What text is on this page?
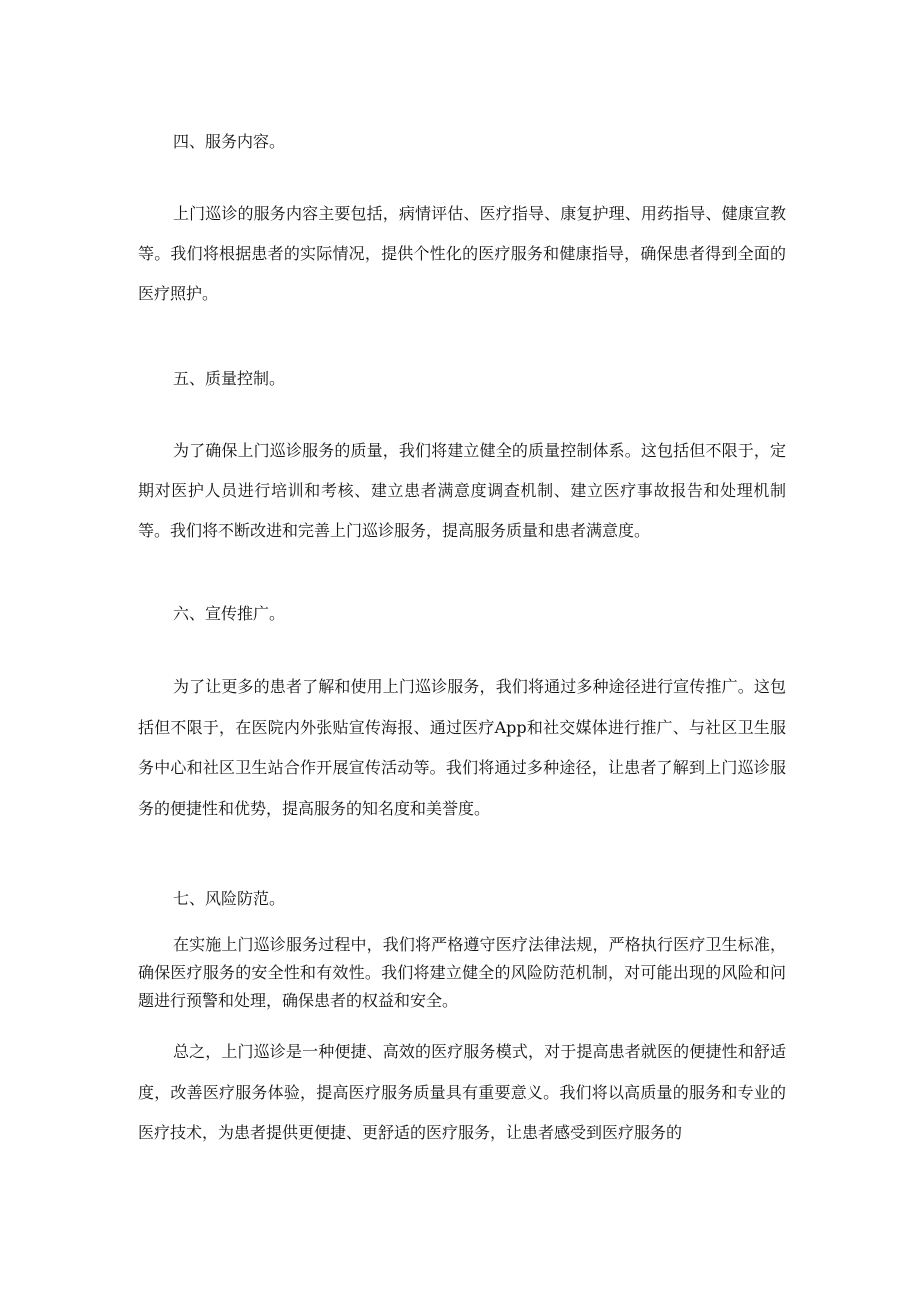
四、服务内容。

上门巡诊的服务内容主要包括，病情评估、医疗指导、康复护理、用药指导、健康宣教等。我们将根据患者的实际情况，提供个性化的医疗服务和健康指导，确保患者得到全面的医疗照护。

五、质量控制。

为了确保上门巡诊服务的质量，我们将建立健全的质量控制体系。这包括但不限于，定期对医护人员进行培训和考核、建立患者满意度调查机制、建立医疗事故报告和处理机制等。我们将不断改进和完善上门巡诊服务，提高服务质量和患者满意度。

六、宣传推广。

为了让更多的患者了解和使用上门巡诊服务，我们将通过多种途径进行宣传推广。这包括但不限于，在医院内外张贴宣传海报、通过医疗App和社交媒体进行推广、与社区卫生服务中心和社区卫生站合作开展宣传活动等。我们将通过多种途径，让患者了解到上门巡诊服务的便捷性和优势，提高服务的知名度和美誉度。

七、风险防范。

在实施上门巡诊服务过程中，我们将严格遵守医疗法律法规，严格执行医疗卫生标准，确保医疗服务的安全性和有效性。我们将建立健全的风险防范机制，对可能出现的风险和问题进行预警和处理，确保患者的权益和安全。

总之，上门巡诊是一种便捷、高效的医疗服务模式，对于提高患者就医的便捷性和舒适度，改善医疗服务体验，提高医疗服务质量具有重要意义。我们将以高质量的服务和专业的医疗技术，为患者提供更便捷、更舒适的医疗服务，让患者感受到医疗服务的
